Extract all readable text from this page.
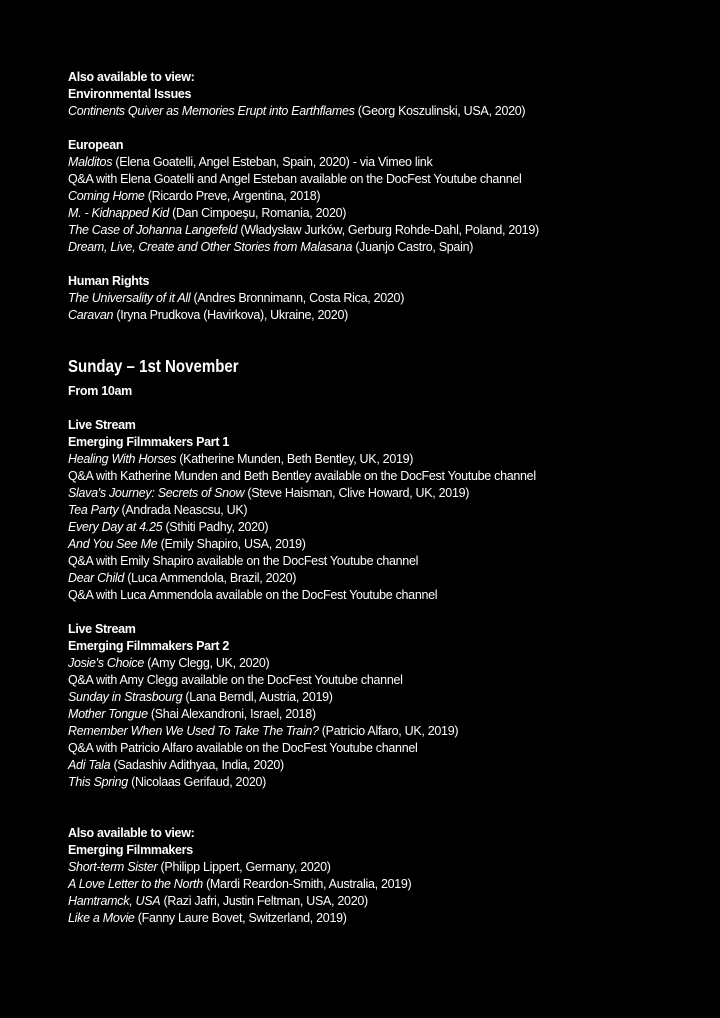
Also available to view:
Environmental Issues
Continents Quiver as Memories Erupt into Earthflames (Georg Koszulinski, USA, 2020)
European
Malditos (Elena Goatelli, Angel Esteban, Spain, 2020) - via Vimeo link
Q&A with Elena Goatelli and Angel Esteban available on the DocFest Youtube channel
Coming Home (Ricardo Preve, Argentina, 2018)
M. - Kidnapped Kid (Dan Cimpoeşu, Romania, 2020)
The Case of Johanna Langefeld (Władysław Jurków, Gerburg Rohde-Dahl, Poland, 2019)
Dream, Live, Create and Other Stories from Malasana (Juanjo Castro, Spain)
Human Rights
The Universality of it All (Andres Bronnimann, Costa Rica, 2020)
Caravan (Iryna Prudkova (Havirkova), Ukraine, 2020)
Sunday – 1st November
From 10am
Live Stream
Emerging Filmmakers Part 1
Healing With Horses (Katherine Munden, Beth Bentley, UK, 2019)
Q&A with Katherine Munden and Beth Bentley available on the DocFest Youtube channel
Slava's Journey: Secrets of Snow (Steve Haisman, Clive Howard, UK, 2019)
Tea Party (Andrada Neascsu, UK)
Every Day at 4.25 (Sthiti Padhy, 2020)
And You See Me (Emily Shapiro, USA, 2019)
Q&A with Emily Shapiro available on the DocFest Youtube channel
Dear Child (Luca Ammendola, Brazil, 2020)
Q&A with Luca Ammendola available on the DocFest Youtube channel
Live Stream
Emerging Filmmakers Part 2
Josie's Choice (Amy Clegg, UK, 2020)
Q&A with Amy Clegg available on the DocFest Youtube channel
Sunday in Strasbourg (Lana Berndl, Austria, 2019)
Mother Tongue (Shai Alexandroni, Israel, 2018)
Remember When We Used To Take The Train? (Patricio Alfaro, UK, 2019)
Q&A with Patricio Alfaro available on the DocFest Youtube channel
Adi Tala (Sadashiv Adithyaa, India, 2020)
This Spring (Nicolaas Gerifaud, 2020)
Also available to view:
Emerging Filmmakers
Short-term Sister (Philipp Lippert, Germany, 2020)
A Love Letter to the North (Mardi Reardon-Smith, Australia, 2019)
Hamtramck, USA (Razi Jafri, Justin Feltman, USA, 2020)
Like a Movie (Fanny Laure Bovet, Switzerland, 2019)
